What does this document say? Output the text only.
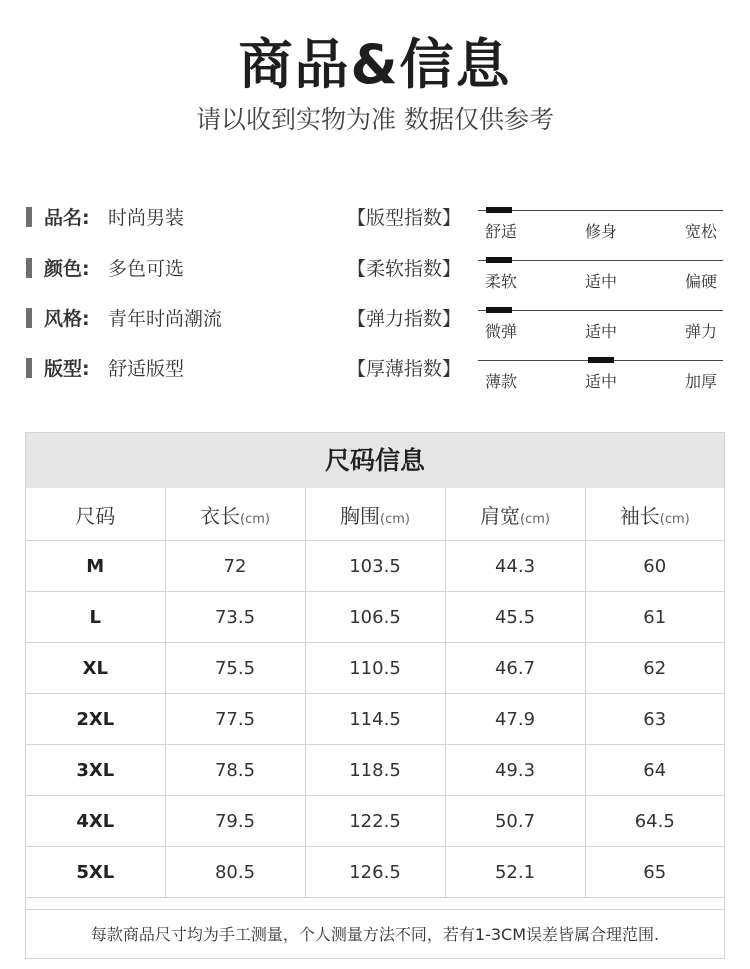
商品&信息
请以收到实物为准 数据仅供参考
品名: 时尚男装
颜色: 多色可选
风格: 青年时尚潮流
版型: 舒适版型
【版型指数】
【柔软指数】
【弹力指数】
【厚薄指数】
舒适	修身	宽松
柔软	适中	偏硬
微弹	适中	弹力
薄款	适中	加厚
尺码信息
尺码	衣长(cm)	胸围(cm)	肩宽(cm)	袖长(cm)
M	72	103.5	44.3	60
L	73.5	106.5	45.5	61
XL	75.5	110.5	46.7	62
2XL	77.5	114.5	47.9	63
3XL	78.5	118.5	49.3	64
4XL	79.5	122.5	50.7	64.5
5XL	80.5	126.5	52.1	65
每款商品尺寸均为手工测量，个人测量方法不同，若有1-3CM误差皆属合理范围.
